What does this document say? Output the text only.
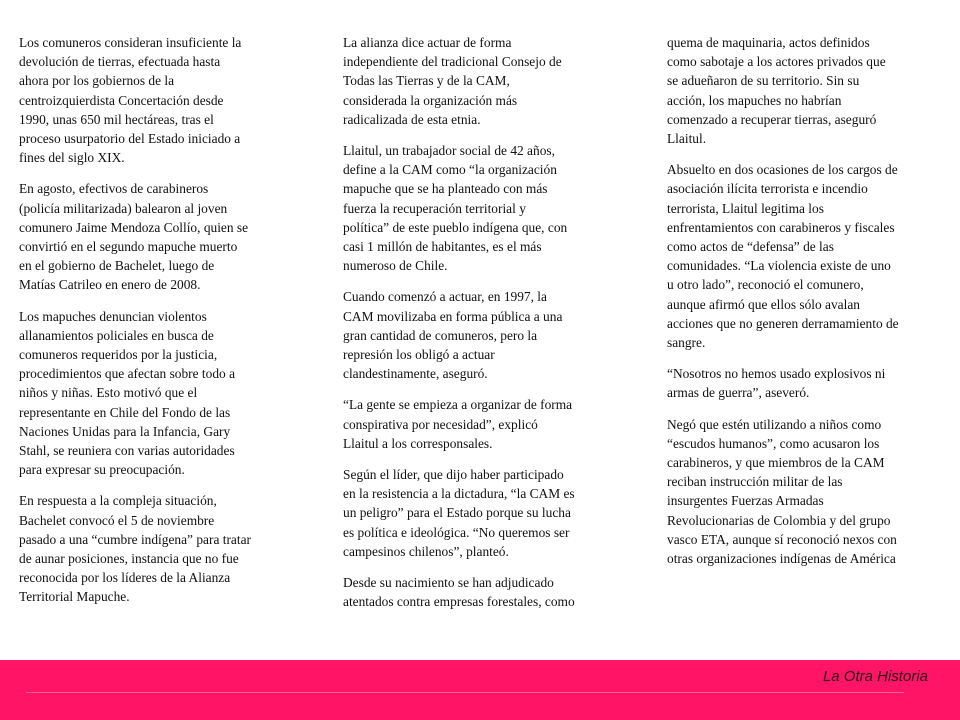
Los comuneros consideran insuficiente la
devolución de tierras, efectuada hasta
ahora por los gobiernos de la
centroizquierdista Concertación desde
1990, unas 650 mil hectáreas, tras el
proceso usurpatorio del Estado iniciado a
fines del siglo XIX.

En agosto, efectivos de carabineros
(policía militarizada) balearon al joven
comunero Jaime Mendoza Collío, quien se
convirtió en el segundo mapuche muerto
en el gobierno de Bachelet, luego de
Matías Catrileo en enero de 2008.

Los mapuches denuncian violentos
allanamientos policiales en busca de
comuneros requeridos por la justicia,
procedimientos que afectan sobre todo a
niños y niñas. Esto motivó que el
representante en Chile del Fondo de las
Naciones Unidas para la Infancia, Gary
Stahl, se reuniera con varias autoridades
para expresar su preocupación.

En respuesta a la compleja situación,
Bachelet convocó el 5 de noviembre
pasado a una “cumbre indígena” para tratar
de aunar posiciones, instancia que no fue
reconocida por los líderes de la Alianza
Territorial Mapuche.

La alianza dice actuar de forma
independiente del tradicional Consejo de
Todas las Tierras y de la CAM,
considerada la organización más
radicalizada de esta etnia.

Llaitul, un trabajador social de 42 años,
define a la CAM como “la organización
mapuche que se ha planteado con más
fuerza la recuperación territorial y
política” de este pueblo indígena que, con
casi 1 millón de habitantes, es el más
numeroso de Chile.

Cuando comenzó a actuar, en 1997, la
CAM movilizaba en forma pública a una
gran cantidad de comuneros, pero la
represión los obligó a actuar
clandestinamente, aseguró.

“La gente se empieza a organizar de forma
conspirativa por necesidad”, explicó
Llaitul a los corresponsales.

Según el líder, que dijo haber participado
en la resistencia a la dictadura, “la CAM es
un peligro” para el Estado porque su lucha
es política e ideológica. “No queremos ser
campesinos chilenos”, planteó.

Desde su nacimiento se han adjudicado
atentados contra empresas forestales, como

quema de maquinaria, actos definidos
como sabotaje a los actores privados que
se adueñaron de su territorio. Sin su
acción, los mapuches no habrían
comenzado a recuperar tierras, aseguró
Llaitul.

Absuelto en dos ocasiones de los cargos de
asociación ilícita terrorista e incendio
terrorista, Llaitul legitima los
enfrentamientos con carabineros y fiscales
como actos de “defensa” de las
comunidades. “La violencia existe de uno
u otro lado”, reconoció el comunero,
aunque afirmó que ellos sólo avalan
acciones que no generen derramamiento de
sangre.

“Nosotros no hemos usado explosivos ni
armas de guerra”, aseveró.

Negó que estén utilizando a niños como
“escudos humanos”, como acusaron los
carabineros, y que miembros de la CAM
reciban instrucción militar de las
insurgentes Fuerzas Armadas
Revolucionarias de Colombia y del grupo
vasco ETA, aunque sí reconoció nexos con
otras organizaciones indígenas de América

La Otra Historia
